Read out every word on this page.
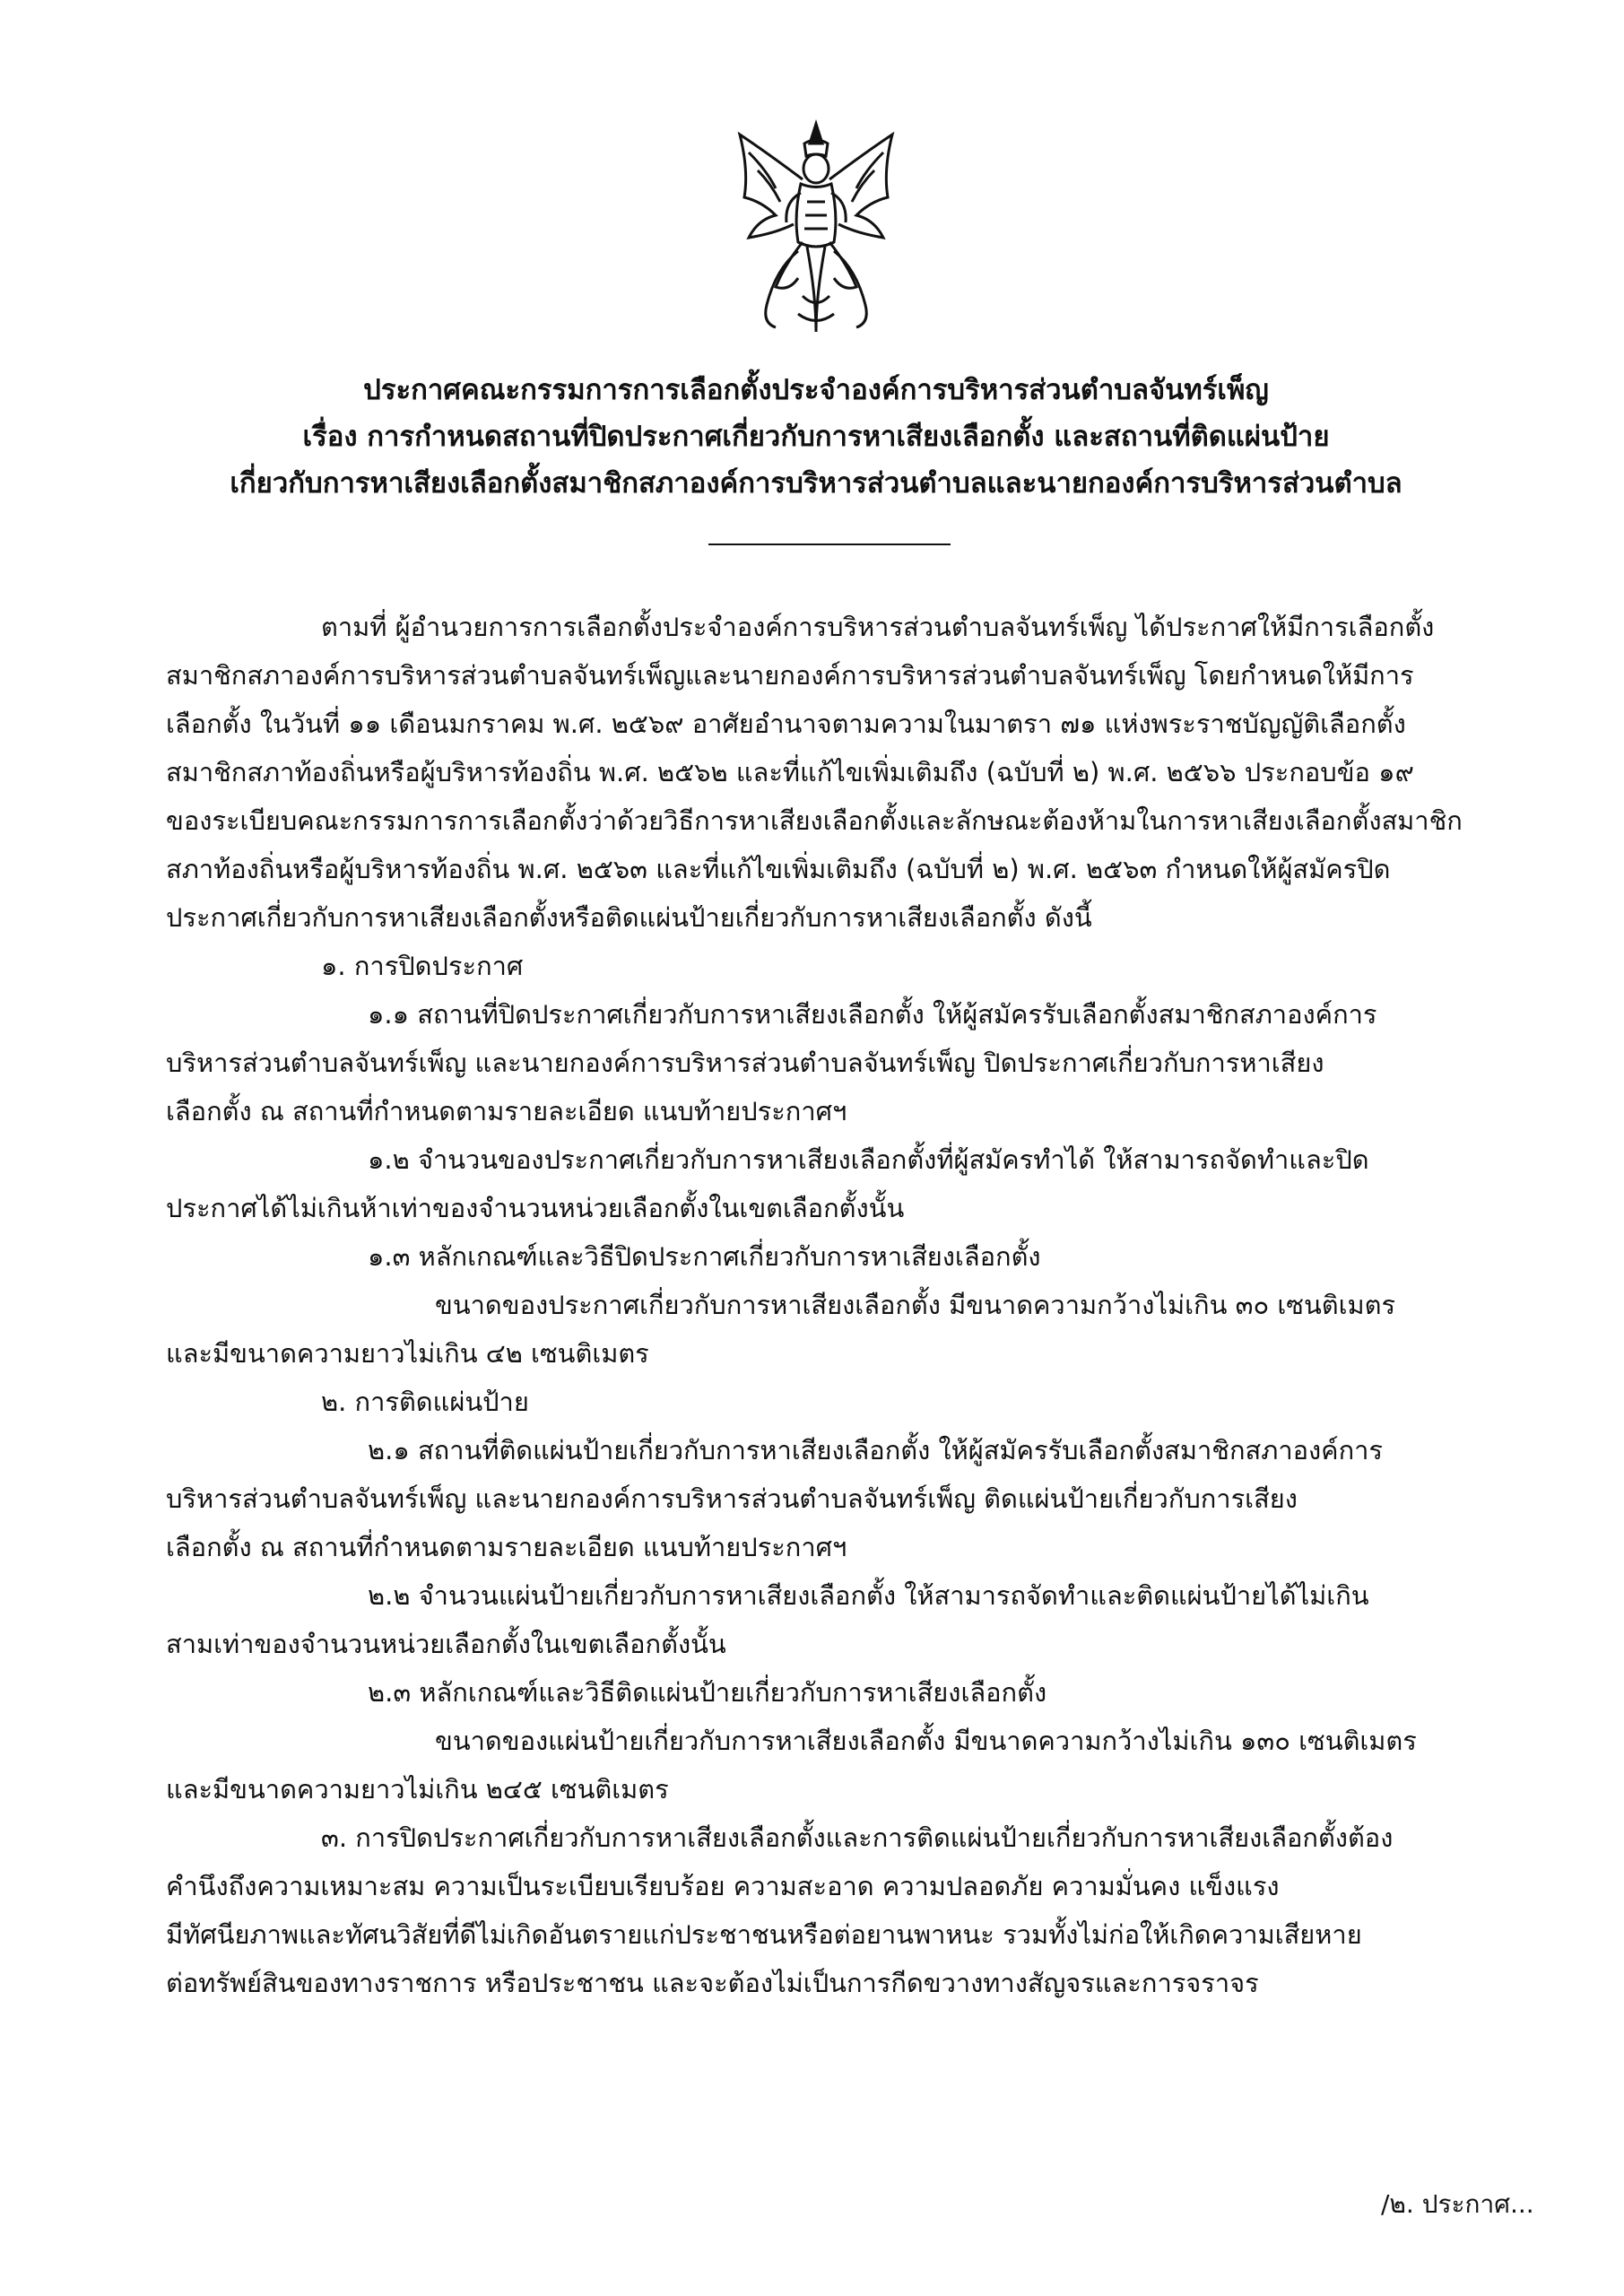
ประกาศคณะกรรมการการเลือกตั้งประจำองค์การบริหารส่วนตำบลจันทร์เพ็ญ
เรื่อง การกำหนดสถานที่ปิดประกาศเกี่ยวกับการหาเสียงเลือกตั้ง และสถานที่ติดแผ่นป้าย
เกี่ยวกับการหาเสียงเลือกตั้งสมาชิกสภาองค์การบริหารส่วนตำบลและนายกองค์การบริหารส่วนตำบล
ตามที่ ผู้อำนวยการการเลือกตั้งประจำองค์การบริหารส่วนตำบลจันทร์เพ็ญ ได้ประกาศให้มีการเลือกตั้ง
สมาชิกสภาองค์การบริหารส่วนตำบลจันทร์เพ็ญและนายกองค์การบริหารส่วนตำบลจันทร์เพ็ญ โดยกำหนดให้มีการ
เลือกตั้ง ในวันที่ ๑๑ เดือนมกราคม พ.ศ. ๒๕๖๙ อาศัยอำนาจตามความในมาตรา ๗๑ แห่งพระราชบัญญัติเลือกตั้ง
สมาชิกสภาท้องถิ่นหรือผู้บริหารท้องถิ่น พ.ศ. ๒๕๖๒ และที่แก้ไขเพิ่มเติมถึง (ฉบับที่ ๒) พ.ศ. ๒๕๖๖ ประกอบข้อ ๑๙
ของระเบียบคณะกรรมการการเลือกตั้งว่าด้วยวิธีการหาเสียงเลือกตั้งและลักษณะต้องห้ามในการหาเสียงเลือกตั้งสมาชิก
สภาท้องถิ่นหรือผู้บริหารท้องถิ่น พ.ศ. ๒๕๖๓ และที่แก้ไขเพิ่มเติมถึง (ฉบับที่ ๒) พ.ศ. ๒๕๖๓ กำหนดให้ผู้สมัครปิด
ประกาศเกี่ยวกับการหาเสียงเลือกตั้งหรือติดแผ่นป้ายเกี่ยวกับการหาเสียงเลือกตั้ง ดังนี้
๑. การปิดประกาศ
๑.๑ สถานที่ปิดประกาศเกี่ยวกับการหาเสียงเลือกตั้ง ให้ผู้สมัครรับเลือกตั้งสมาชิกสภาองค์การ
บริหารส่วนตำบลจันทร์เพ็ญ และนายกองค์การบริหารส่วนตำบลจันทร์เพ็ญ ปิดประกาศเกี่ยวกับการหาเสียง
เลือกตั้ง ณ สถานที่กำหนดตามรายละเอียด แนบท้ายประกาศฯ
๑.๒ จำนวนของประกาศเกี่ยวกับการหาเสียงเลือกตั้งที่ผู้สมัครทำได้ ให้สามารถจัดทำและปิด
ประกาศได้ไม่เกินห้าเท่าของจำนวนหน่วยเลือกตั้งในเขตเลือกตั้งนั้น
๑.๓ หลักเกณฑ์และวิธีปิดประกาศเกี่ยวกับการหาเสียงเลือกตั้ง
ขนาดของประกาศเกี่ยวกับการหาเสียงเลือกตั้ง มีขนาดความกว้างไม่เกิน ๓๐ เซนติเมตร
และมีขนาดความยาวไม่เกิน ๔๒ เซนติเมตร
๒. การติดแผ่นป้าย
๒.๑ สถานที่ติดแผ่นป้ายเกี่ยวกับการหาเสียงเลือกตั้ง ให้ผู้สมัครรับเลือกตั้งสมาชิกสภาองค์การ
บริหารส่วนตำบลจันทร์เพ็ญ และนายกองค์การบริหารส่วนตำบลจันทร์เพ็ญ ติดแผ่นป้ายเกี่ยวกับการเสียง
เลือกตั้ง ณ สถานที่กำหนดตามรายละเอียด แนบท้ายประกาศฯ
๒.๒ จำนวนแผ่นป้ายเกี่ยวกับการหาเสียงเลือกตั้ง ให้สามารถจัดทำและติดแผ่นป้ายได้ไม่เกิน
สามเท่าของจำนวนหน่วยเลือกตั้งในเขตเลือกตั้งนั้น
๒.๓ หลักเกณฑ์และวิธีติดแผ่นป้ายเกี่ยวกับการหาเสียงเลือกตั้ง
ขนาดของแผ่นป้ายเกี่ยวกับการหาเสียงเลือกตั้ง มีขนาดความกว้างไม่เกิน ๑๓๐ เซนติเมตร
และมีขนาดความยาวไม่เกิน ๒๔๕ เซนติเมตร
๓. การปิดประกาศเกี่ยวกับการหาเสียงเลือกตั้งและการติดแผ่นป้ายเกี่ยวกับการหาเสียงเลือกตั้งต้อง
คำนึงถึงความเหมาะสม ความเป็นระเบียบเรียบร้อย ความสะอาด ความปลอดภัย ความมั่นคง แข็งแรง
มีทัศนียภาพและทัศนวิสัยที่ดีไม่เกิดอันตรายแก่ประชาชนหรือต่อยานพาหนะ รวมทั้งไม่ก่อให้เกิดความเสียหาย
ต่อทรัพย์สินของทางราชการ หรือประชาชน และจะต้องไม่เป็นการกีดขวางทางสัญจรและการจราจร
/๒. ประกาศ...
